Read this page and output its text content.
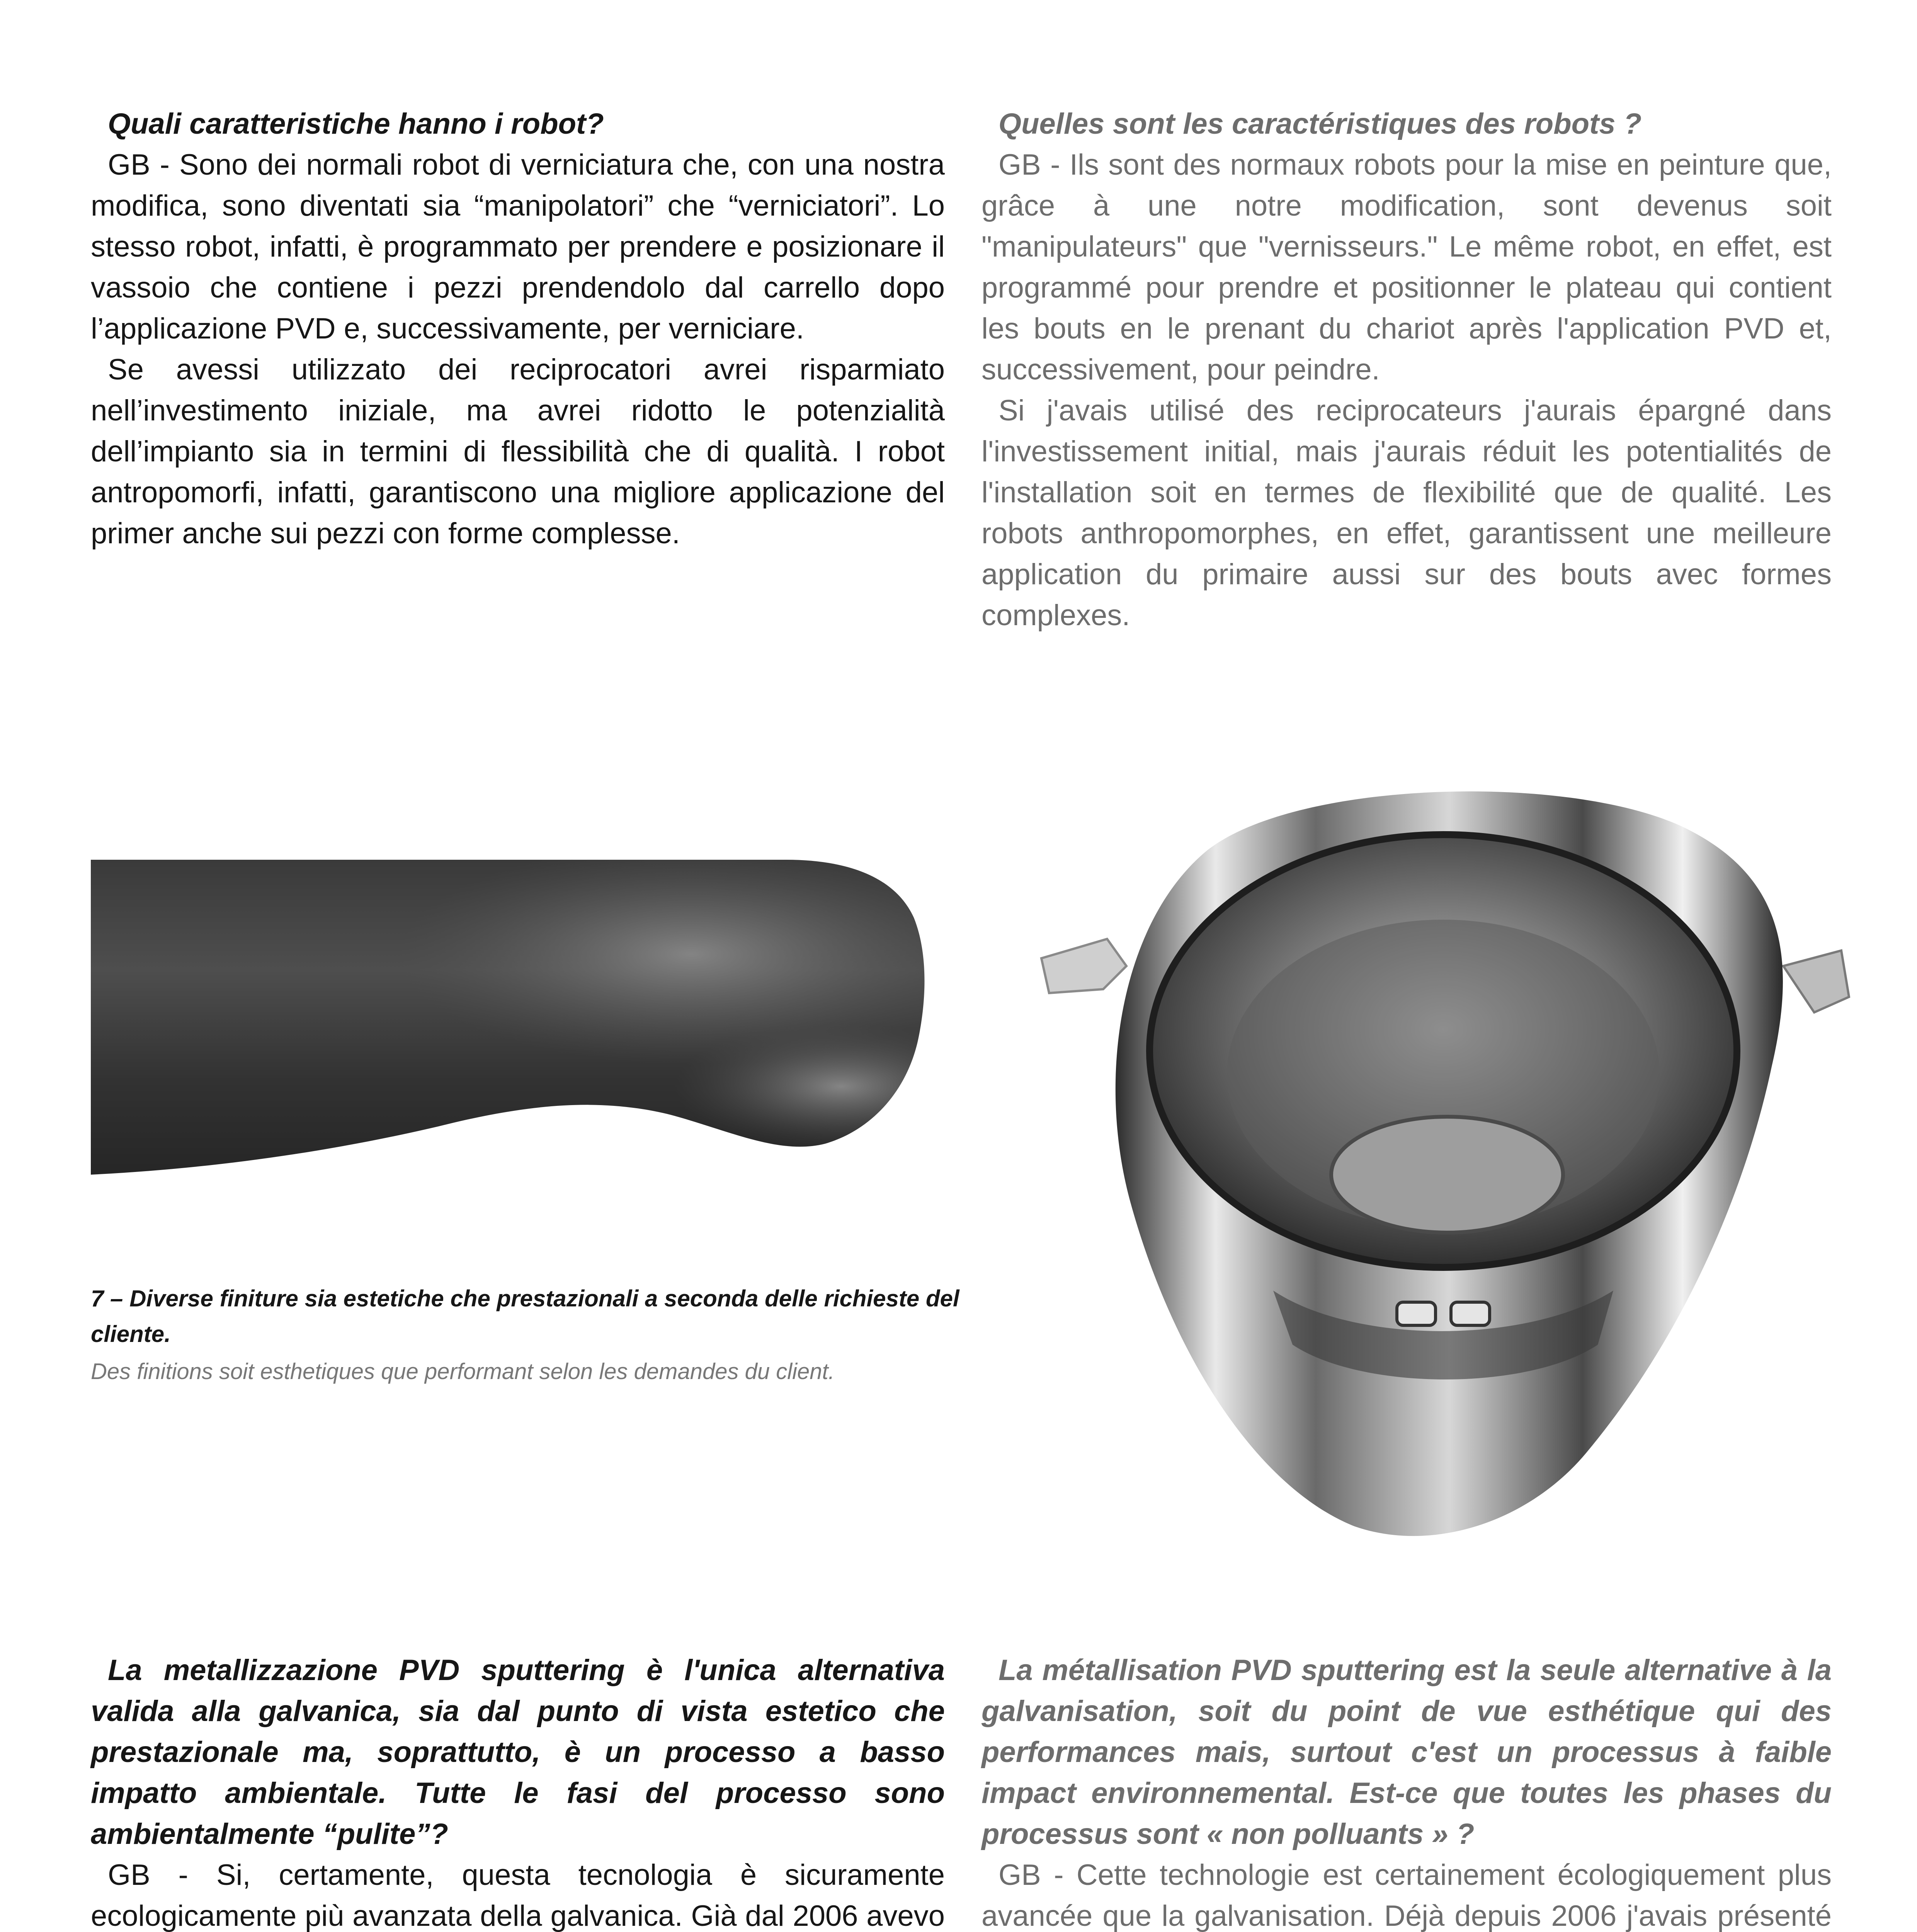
Quali caratteristiche hanno i robot?

GB - Sono dei normali robot di verniciatura che, con una nostra modifica, sono diventati sia “manipolatori” che “verniciatori”. Lo stesso robot, infatti, è programmato per prendere e posizionare il vassoio che contiene i pezzi prendendolo dal carrello dopo l’applicazione PVD e, successivamente, per verniciare.

Se avessi utilizzato dei reciprocatori avrei risparmiato nell’investimento iniziale, ma avrei ridotto le potenzialità dell’impianto sia in termini di flessibilità che di qualità. I robot antropomorfi, infatti, garantiscono una migliore applicazione del primer anche sui pezzi con forme complesse.

Quelles sont les caractéristiques des robots ?

GB - Ils sont des normaux robots pour la mise en peinture que, grâce à une notre modification, sont devenus soit "manipulateurs" que "vernisseurs." Le même robot, en effet, est programmé pour prendre et positionner le plateau qui contient les bouts en le prenant du chariot après l'application PVD et, successivement, pour peindre.

Si j'avais utilisé des reciprocateurs j'aurais épargné dans l'investissement initial, mais j'aurais réduit les potentialités de l'installation soit en termes de flexibilité que de qualité. Les robots anthropomorphes, en effet, garantissent une meilleure application du primaire aussi sur des bouts avec formes complexes.

7 – Diverse finiture sia estetiche che prestazionali a seconda delle richieste del cliente.
Des finitions soit esthetiques que performant selon les demandes du client.

La metallizzazione PVD sputtering è l'unica alternativa valida alla galvanica, sia dal punto di vista estetico che prestazionale ma, soprattutto, è un processo a basso impatto ambientale. Tutte le fasi del processo sono ambientalmente “pulite”?

GB - Si, certamente, questa tecnologia è sicuramente ecologicamente più avanzata della galvanica. Già dal 2006 avevo

La métallisation PVD sputtering est la seule alternative à la galvanisation, soit du point de vue esthétique qui des performances mais, surtout c'est un processus à faible impact environnemental. Est-ce que toutes les phases du processus sont « non polluants » ?

GB - Cette technologie est certainement écologiquement plus avancée que la galvanisation. Déjà depuis 2006 j'avais présenté
